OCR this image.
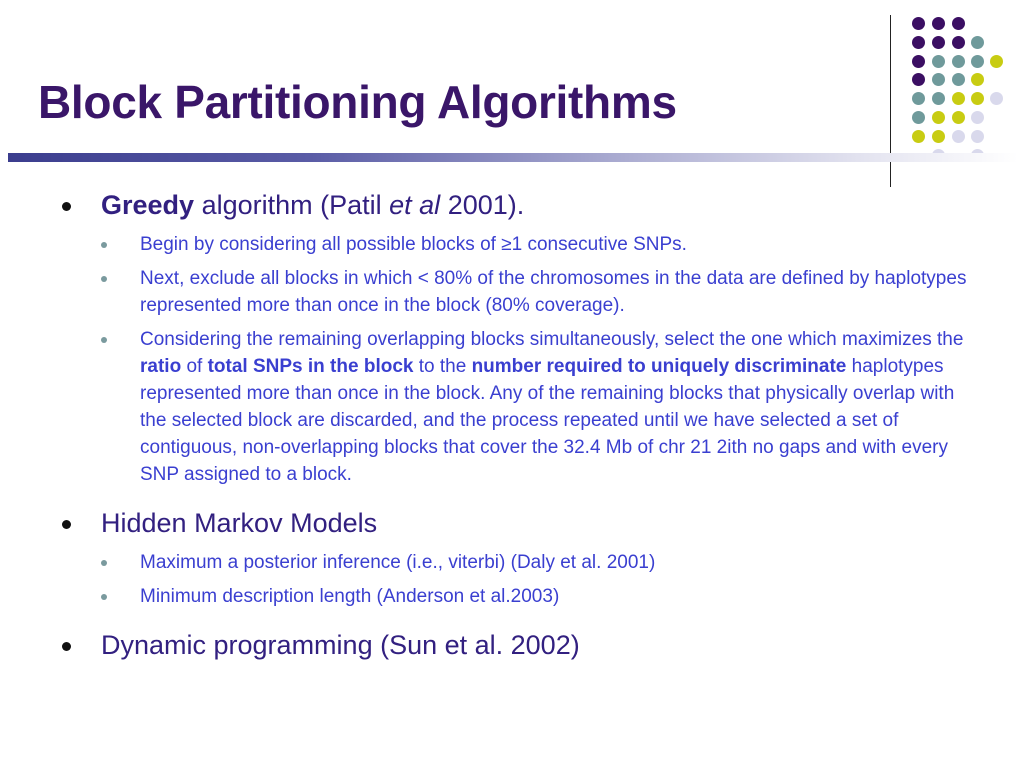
Block Partitioning Algorithms
Greedy algorithm (Patil et al 2001).
Begin by considering all possible blocks of ≥1 consecutive SNPs.
Next, exclude all blocks in which < 80% of the chromosomes in the data are defined by haplotypes represented more than once in the block (80% coverage).
Considering the remaining overlapping blocks simultaneously, select the one which maximizes the ratio of total SNPs in the block to the number required to uniquely discriminate haplotypes represented more than once in the block. Any of the remaining blocks that physically overlap with the selected block are discarded, and the process repeated until we have selected a set of contiguous, non-overlapping blocks that cover the 32.4 Mb of chr 21 2ith no gaps and with every SNP assigned to a block.
Hidden Markov Models
Maximum a posterior inference (i.e., viterbi) (Daly et al. 2001)
Minimum description length (Anderson et al.2003)
Dynamic programming (Sun et al. 2002)
